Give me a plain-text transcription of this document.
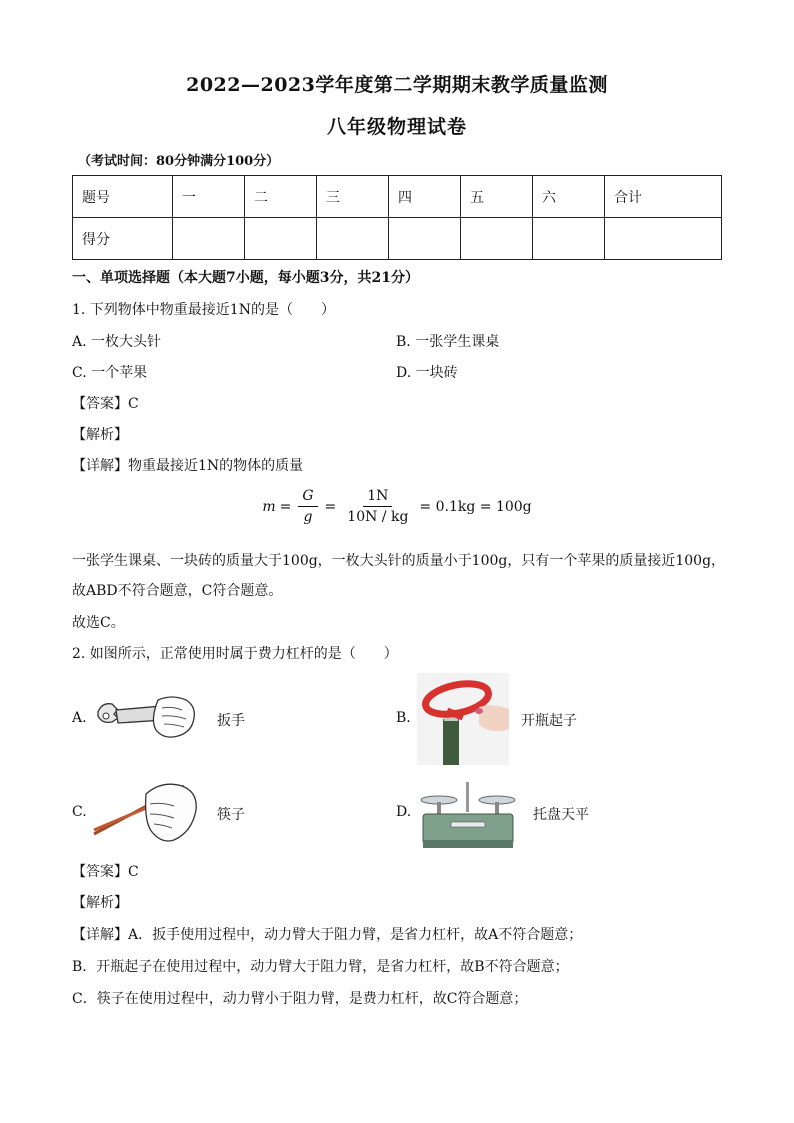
2022—2023学年度第二学期期末教学质量监测
八年级物理试卷
（考试时间：80分钟满分100分）
题号	一	二	三	四	五	六	合计
得分							
一、单项选择题（本大题7小题，每小题3分，共21分）
1. 下列物体中物重最接近1N的是（　　）
A. 一枚大头针	B. 一张学生课桌
C. 一个苹果	D. 一块砖
【答案】C
【解析】
【详解】物重最接近1N的物体的质量
$m = \frac{G}{g} = \frac{1N}{10N / kg} = 0.1kg = 100g$
一张学生课桌、一块砖的质量大于100g，一枚大头针的质量小于100g，只有一个苹果的质量接近100g，
故ABD不符合题意，C符合题意。
故选C。
2. 如图所示，正常使用时属于费力杠杆的是（　　）
A.	扳手	B.	开瓶起子
C.	筷子	D.	托盘天平
【答案】C
【解析】
【详解】A．扳手使用过程中，动力臂大于阻力臂，是省力杠杆，故A不符合题意；
B．开瓶起子在使用过程中，动力臂大于阻力臂，是省力杠杆，故B不符合题意；
C．筷子在使用过程中，动力臂小于阻力臂，是费力杠杆，故C符合题意；
